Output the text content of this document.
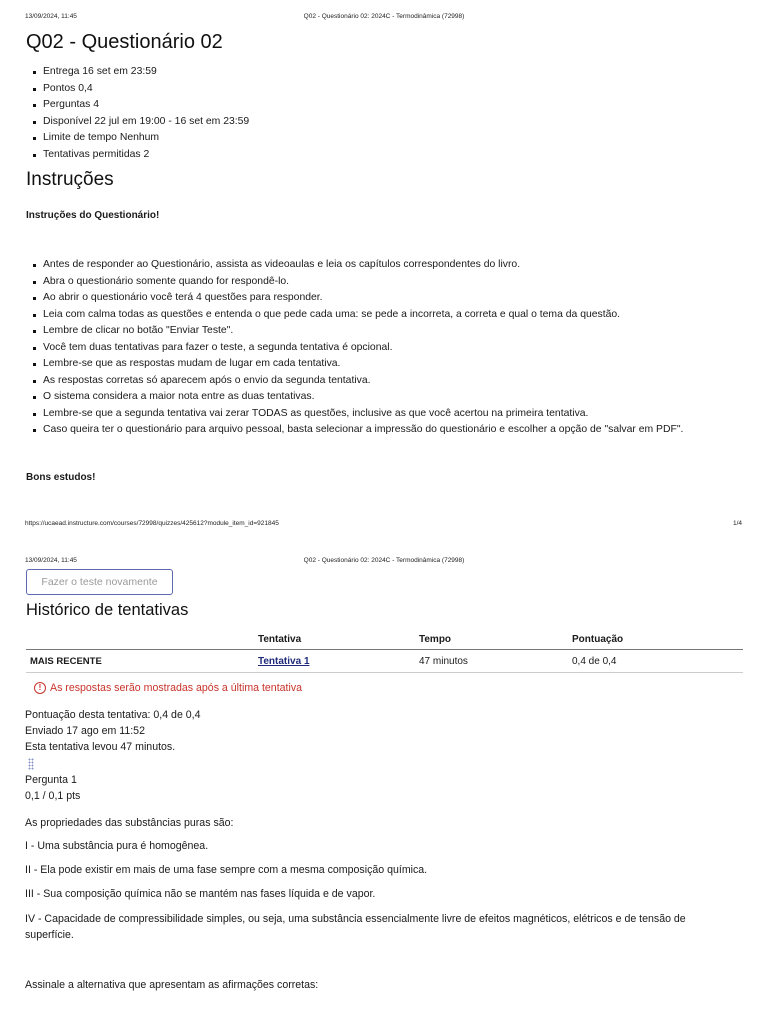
13/09/2024, 11:45	Q02 - Questionário 02: 2024C - Termodinâmica (72998)
Q02 - Questionário 02
Entrega 16 set em 23:59
Pontos 0,4
Perguntas 4
Disponível 22 jul em 19:00 - 16 set em 23:59
Limite de tempo Nenhum
Tentativas permitidas 2
Instruções
Instruções do Questionário!
Antes de responder ao Questionário, assista as videoaulas e leia os capítulos correspondentes do livro.
Abra o questionário somente quando for respondê-lo.
Ao abrir o questionário você terá 4 questões para responder.
Leia com calma todas as questões e entenda o que pede cada uma: se pede a incorreta, a correta e qual o tema da questão.
Lembre de clicar no botão "Enviar Teste".
Você tem duas tentativas para fazer o teste, a segunda tentativa é opcional.
Lembre-se que as respostas mudam de lugar em cada tentativa.
As respostas corretas só aparecem após o envio da segunda tentativa.
O sistema considera a maior nota entre as duas tentativas.
Lembre-se que a segunda tentativa vai zerar TODAS as questões, inclusive as que você acertou na primeira tentativa.
Caso queira ter o questionário para arquivo pessoal, basta selecionar a impressão do questionário e escolher a opção de "salvar em PDF".
Bons estudos!
https://ucaead.instructure.com/courses/72998/quizzes/425612?module_item_id=921845	1/4
13/09/2024, 11:45	Q02 - Questionário 02: 2024C - Termodinâmica (72998)
Fazer o teste novamente
Histórico de tentativas
	Tentativa	Tempo	Pontuação
MAIS RECENTE	Tentativa 1	47 minutos	0,4 de 0,4
! As respostas serão mostradas após a última tentativa
Pontuação desta tentativa: 0,4 de 0,4
Enviado 17 ago em 11:52
Esta tentativa levou 47 minutos.
Pergunta 1
0,1 / 0,1 pts
As propriedades das substâncias puras são:
I - Uma substância pura é homogênea.
II - Ela pode existir em mais de uma fase sempre com a mesma composição química.
III - Sua composição química não se mantém nas fases líquida e de vapor.
IV - Capacidade de compressibilidade simples, ou seja, uma substância essencialmente livre de efeitos magnéticos, elétricos e de tensão de superfície.
Assinale a alternativa que apresentam as afirmações corretas:
